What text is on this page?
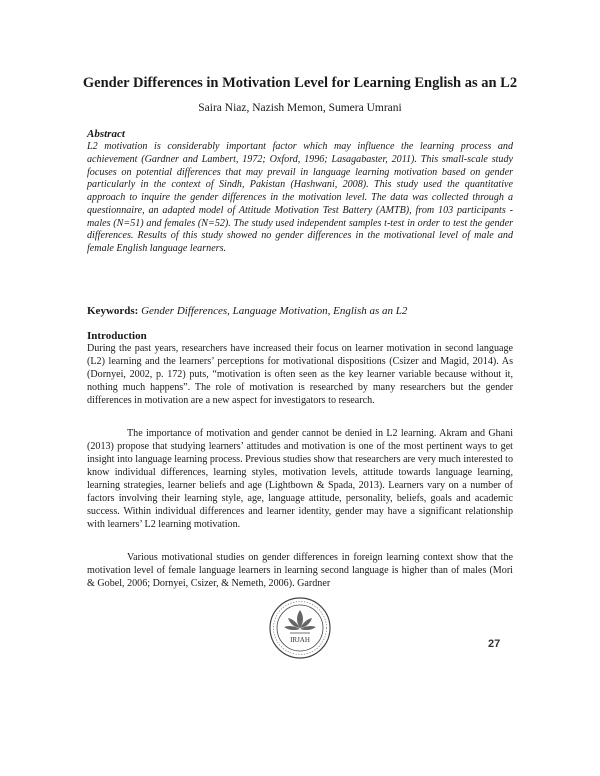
Gender Differences in Motivation Level for Learning English as an L2
Saira Niaz, Nazish Memon, Sumera Umrani
Abstract

L2 motivation is considerably important factor which may influence the learning process and achievement (Gardner and Lambert, 1972; Oxford, 1996; Lasagabaster, 2011). This small-scale study focuses on potential differences that may prevail in language learning motivation based on gender particularly in the context of Sindh, Pakistan (Hashwani, 2008). This study used the quantitative approach to inquire the gender differences in the motivation level. The data was collected through a questionnaire, an adapted model of Attitude Motivation Test Battery (AMTB), from 103 participants - males (N=51) and females (N=52). The study used independent samples t-test in order to test the gender differences. Results of this study showed no gender differences in the motivational level of male and female English language learners.

Keywords: Gender Differences, Language Motivation, English as an L2

Introduction

During the past years, researchers have increased their focus on learner motivation in second language (L2) learning and the learners’ perceptions for motivational dispositions (Csizer and Magid, 2014). As (Dornyei, 2002, p. 172) puts, “motivation is often seen as the key learner variable because without it, nothing much happens”. The role of motivation is researched by many researchers but the gender differences in motivation are a new aspect for investigators to research.

The importance of motivation and gender cannot be denied in L2 learning. Akram and Ghani (2013) propose that studying learners’ attitudes and motivation is one of the most pertinent ways to get insight into language learning process. Previous studies show that researchers are very much interested to know individual differences, learning styles, motivation levels, attitude towards language learning, learning strategies, learner beliefs and age (Lightbown & Spada, 2013). Learners vary on a number of factors involving their learning style, age, language attitude, personality, beliefs, goals and academic success. Within individual differences and learner identity, gender may have a significant relationship with learners’ L2 learning motivation.

Various motivational studies on gender differences in foreign learning context show that the motivation level of female language learners in learning second language is higher than of males (Mori & Gobel, 2006; Dornyei, Csizer, & Nemeth, 2006). Gardner

IRJAH	27
